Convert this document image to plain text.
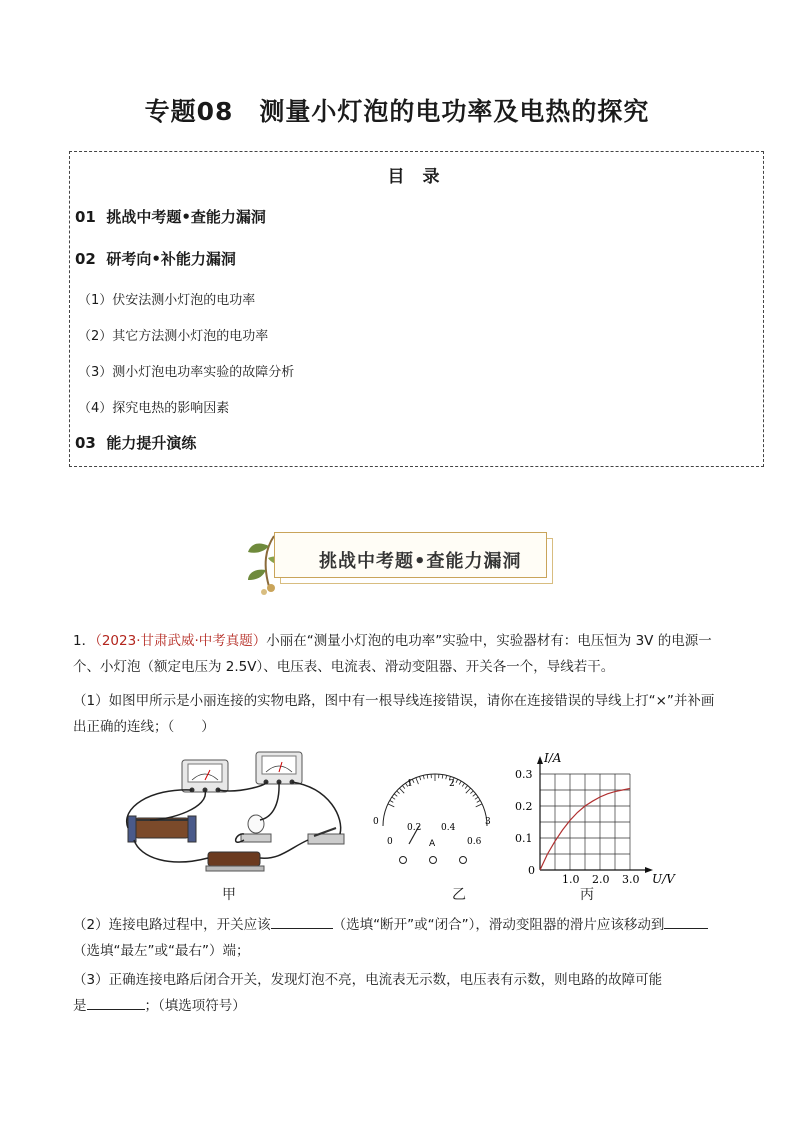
专题08　测量小灯泡的电功率及电热的探究
目 录
01 挑战中考题•查能力漏洞
02 研考向•补能力漏洞
（1）伏安法测小灯泡的电功率
（2）其它方法测小灯泡的电功率
（3）测小灯泡电功率实验的故障分析
（4）探究电热的影响因素
03 能力提升演练
挑战中考题•查能力漏洞
1．（2023·甘肃武威·中考真题）小丽在“测量小灯泡的电功率”实验中，实验器材有：电压恒为 3V 的电源一
个、小灯泡（额定电压为 2.5V）、电压表、电流表、滑动变阻器、开关各一个，导线若干。
（1）如图甲所示是小丽连接的实物电路，图中有一根导线连接错误，请你在连接错误的导线上打“×”并补画
出正确的连线；（　　）
甲
0
1	2
3
0
0.2 0.4
0.6
A
乙
1.0 2.0 3.0
0.1
0.2
0.3
0
I/A
U/V
丙
（2）连接电路过程中，开关应该	（选填“断开”或“闭合”），滑动变阻器的滑片应该移动到
（选填“最左”或“最右”）端；
（3）正确连接电路后闭合开关，发现灯泡不亮，电流表无示数，电压表有示数，则电路的故障可能
是	；（填选项符号）
